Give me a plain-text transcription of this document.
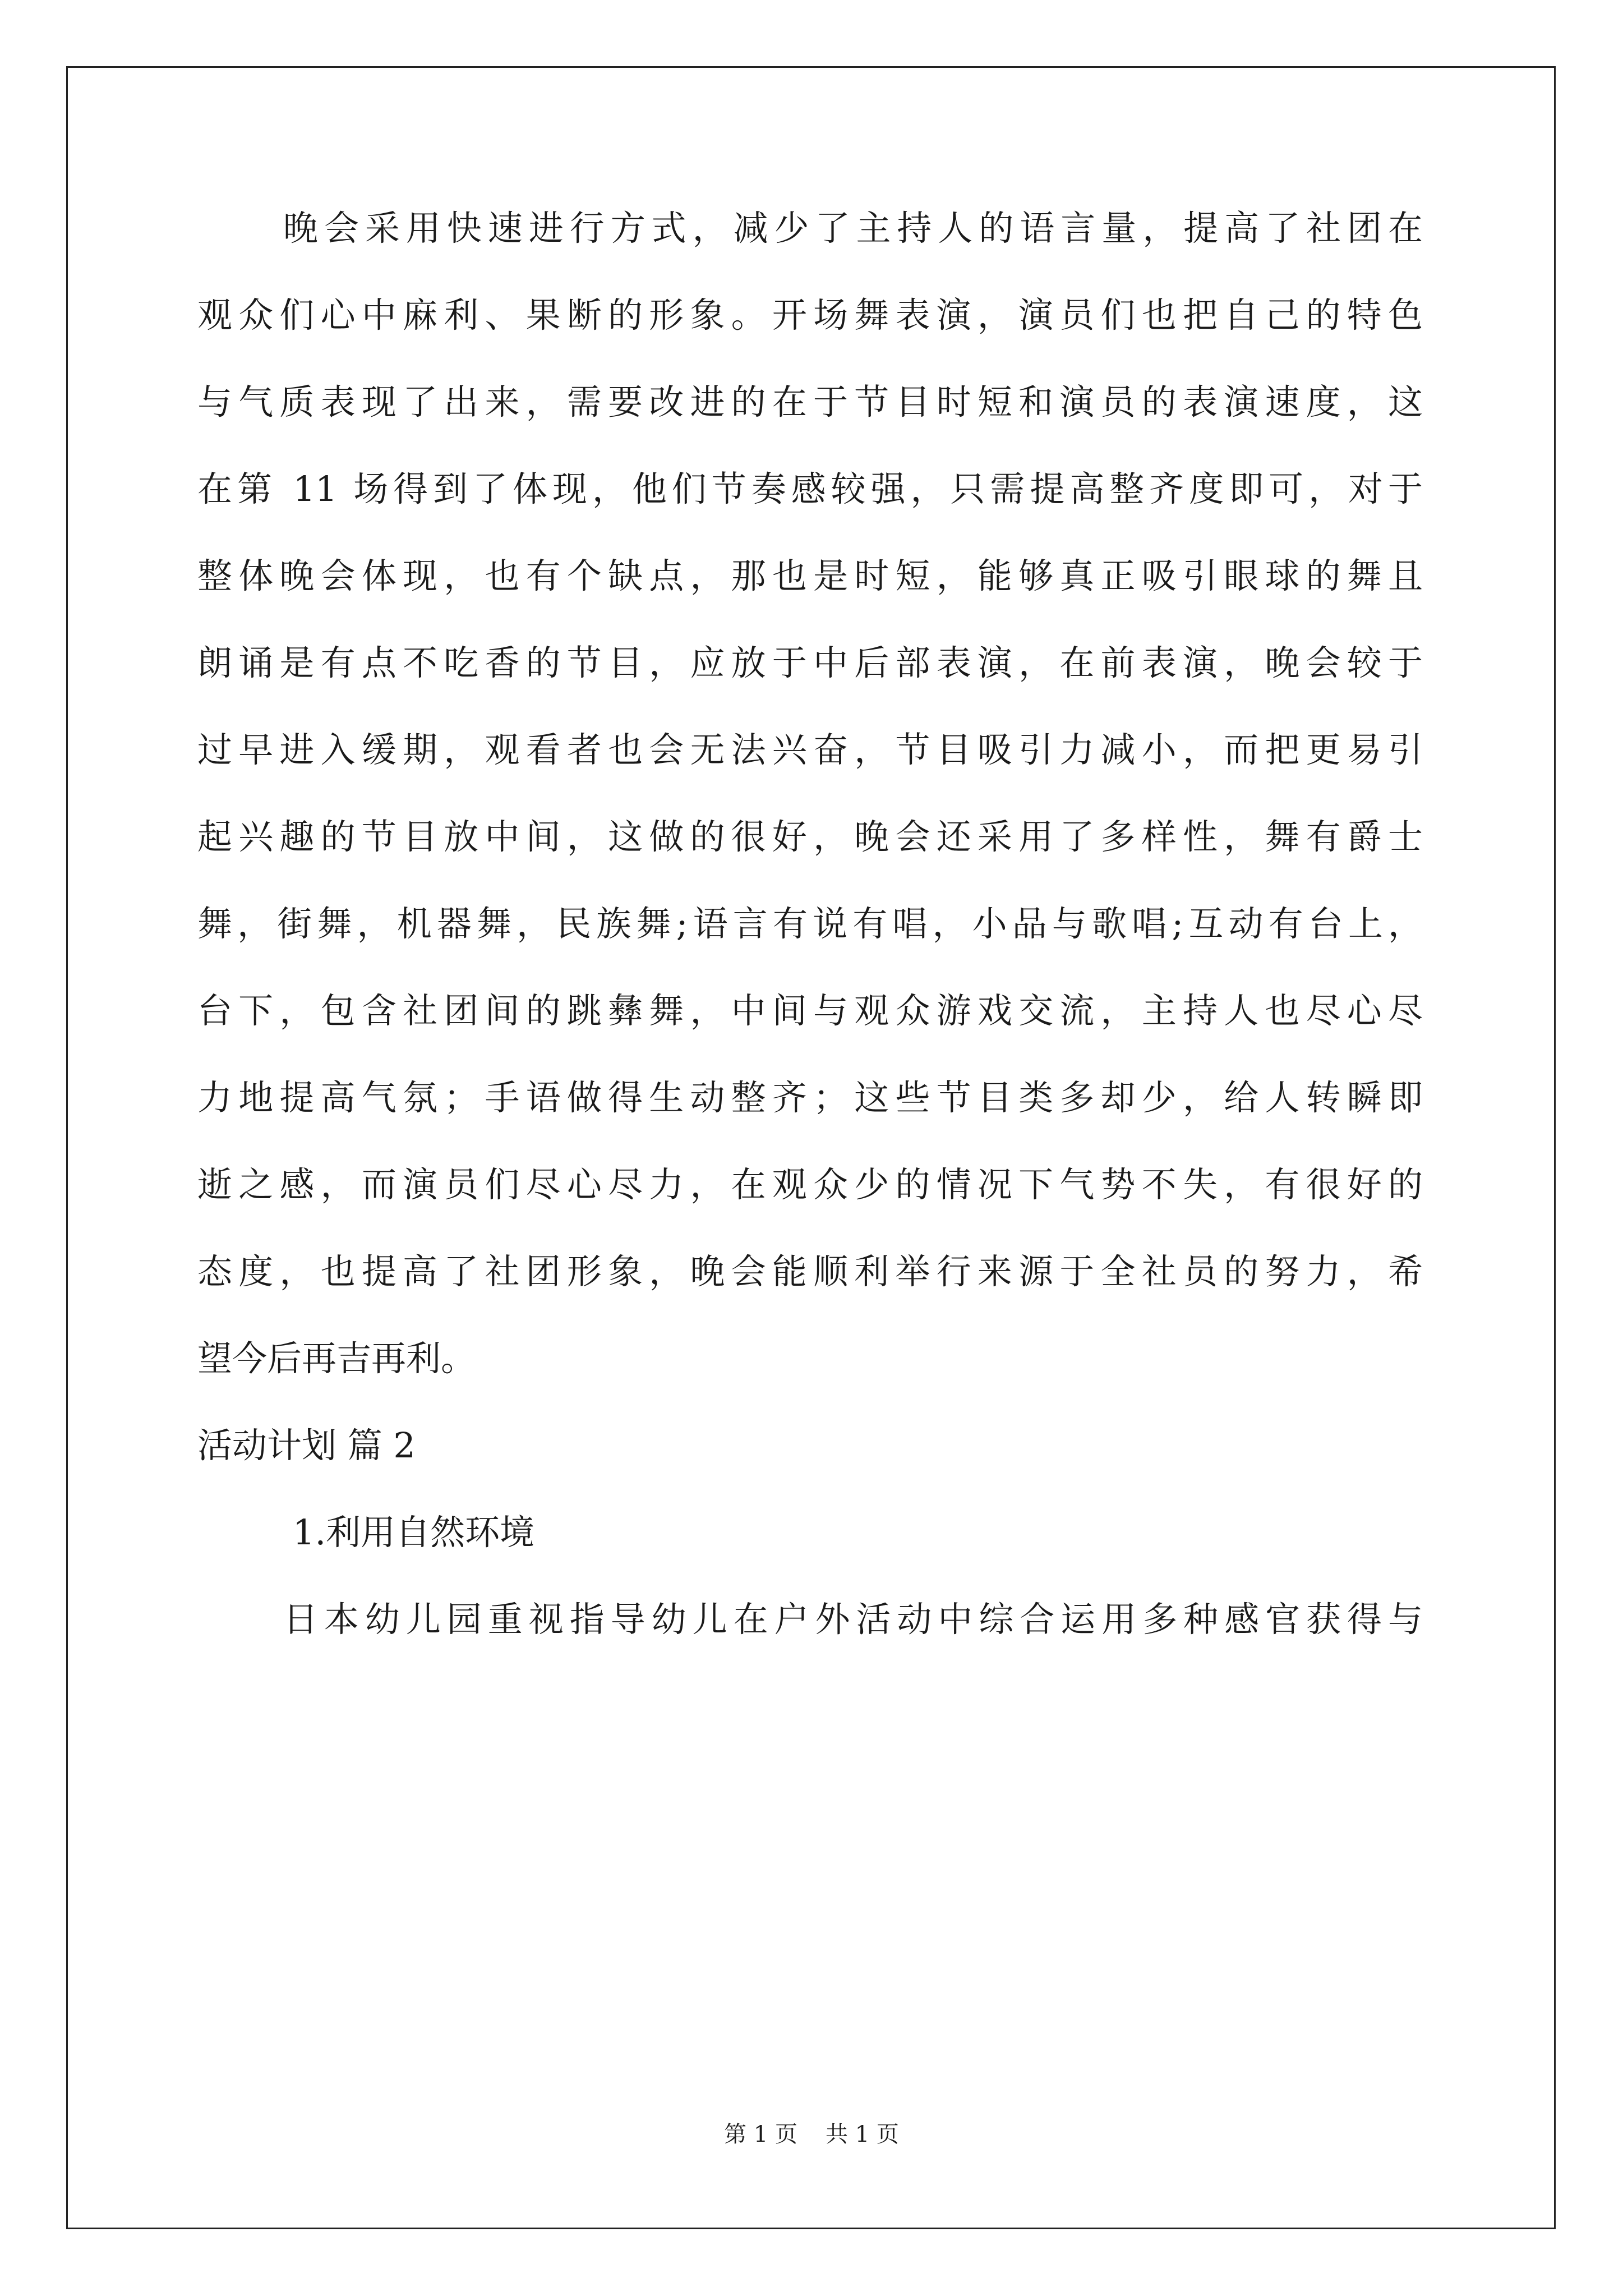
晚会采用快速进行方式，减少了主持人的语言量，提高了社团在
观众们心中麻利、果断的形象。开场舞表演，演员们也把自己的特色
与气质表现了出来，需要改进的在于节目时短和演员的表演速度，这
在第 11 场得到了体现，他们节奏感较强，只需提高整齐度即可，对于
整体晚会体现，也有个缺点，那也是时短，能够真正吸引眼球的舞且
朗诵是有点不吃香的节目，应放于中后部表演，在前表演，晚会较于
过早进入缓期，观看者也会无法兴奋，节目吸引力减小，而把更易引
起兴趣的节目放中间，这做的很好，晚会还采用了多样性，舞有爵士
舞，街舞，机器舞，民族舞;语言有说有唱，小品与歌唱;互动有台上，
台下，包含社团间的跳彝舞，中间与观众游戏交流，主持人也尽心尽
力地提高气氛；手语做得生动整齐；这些节目类多却少，给人转瞬即
逝之感，而演员们尽心尽力，在观众少的情况下气势不失，有很好的
态度，也提高了社团形象，晚会能顺利举行来源于全社员的努力，希
望今后再吉再利。
活动计划 篇 2
1.利用自然环境
日本幼儿园重视指导幼儿在户外活动中综合运用多种感官获得与
第 1 页 共 1 页
